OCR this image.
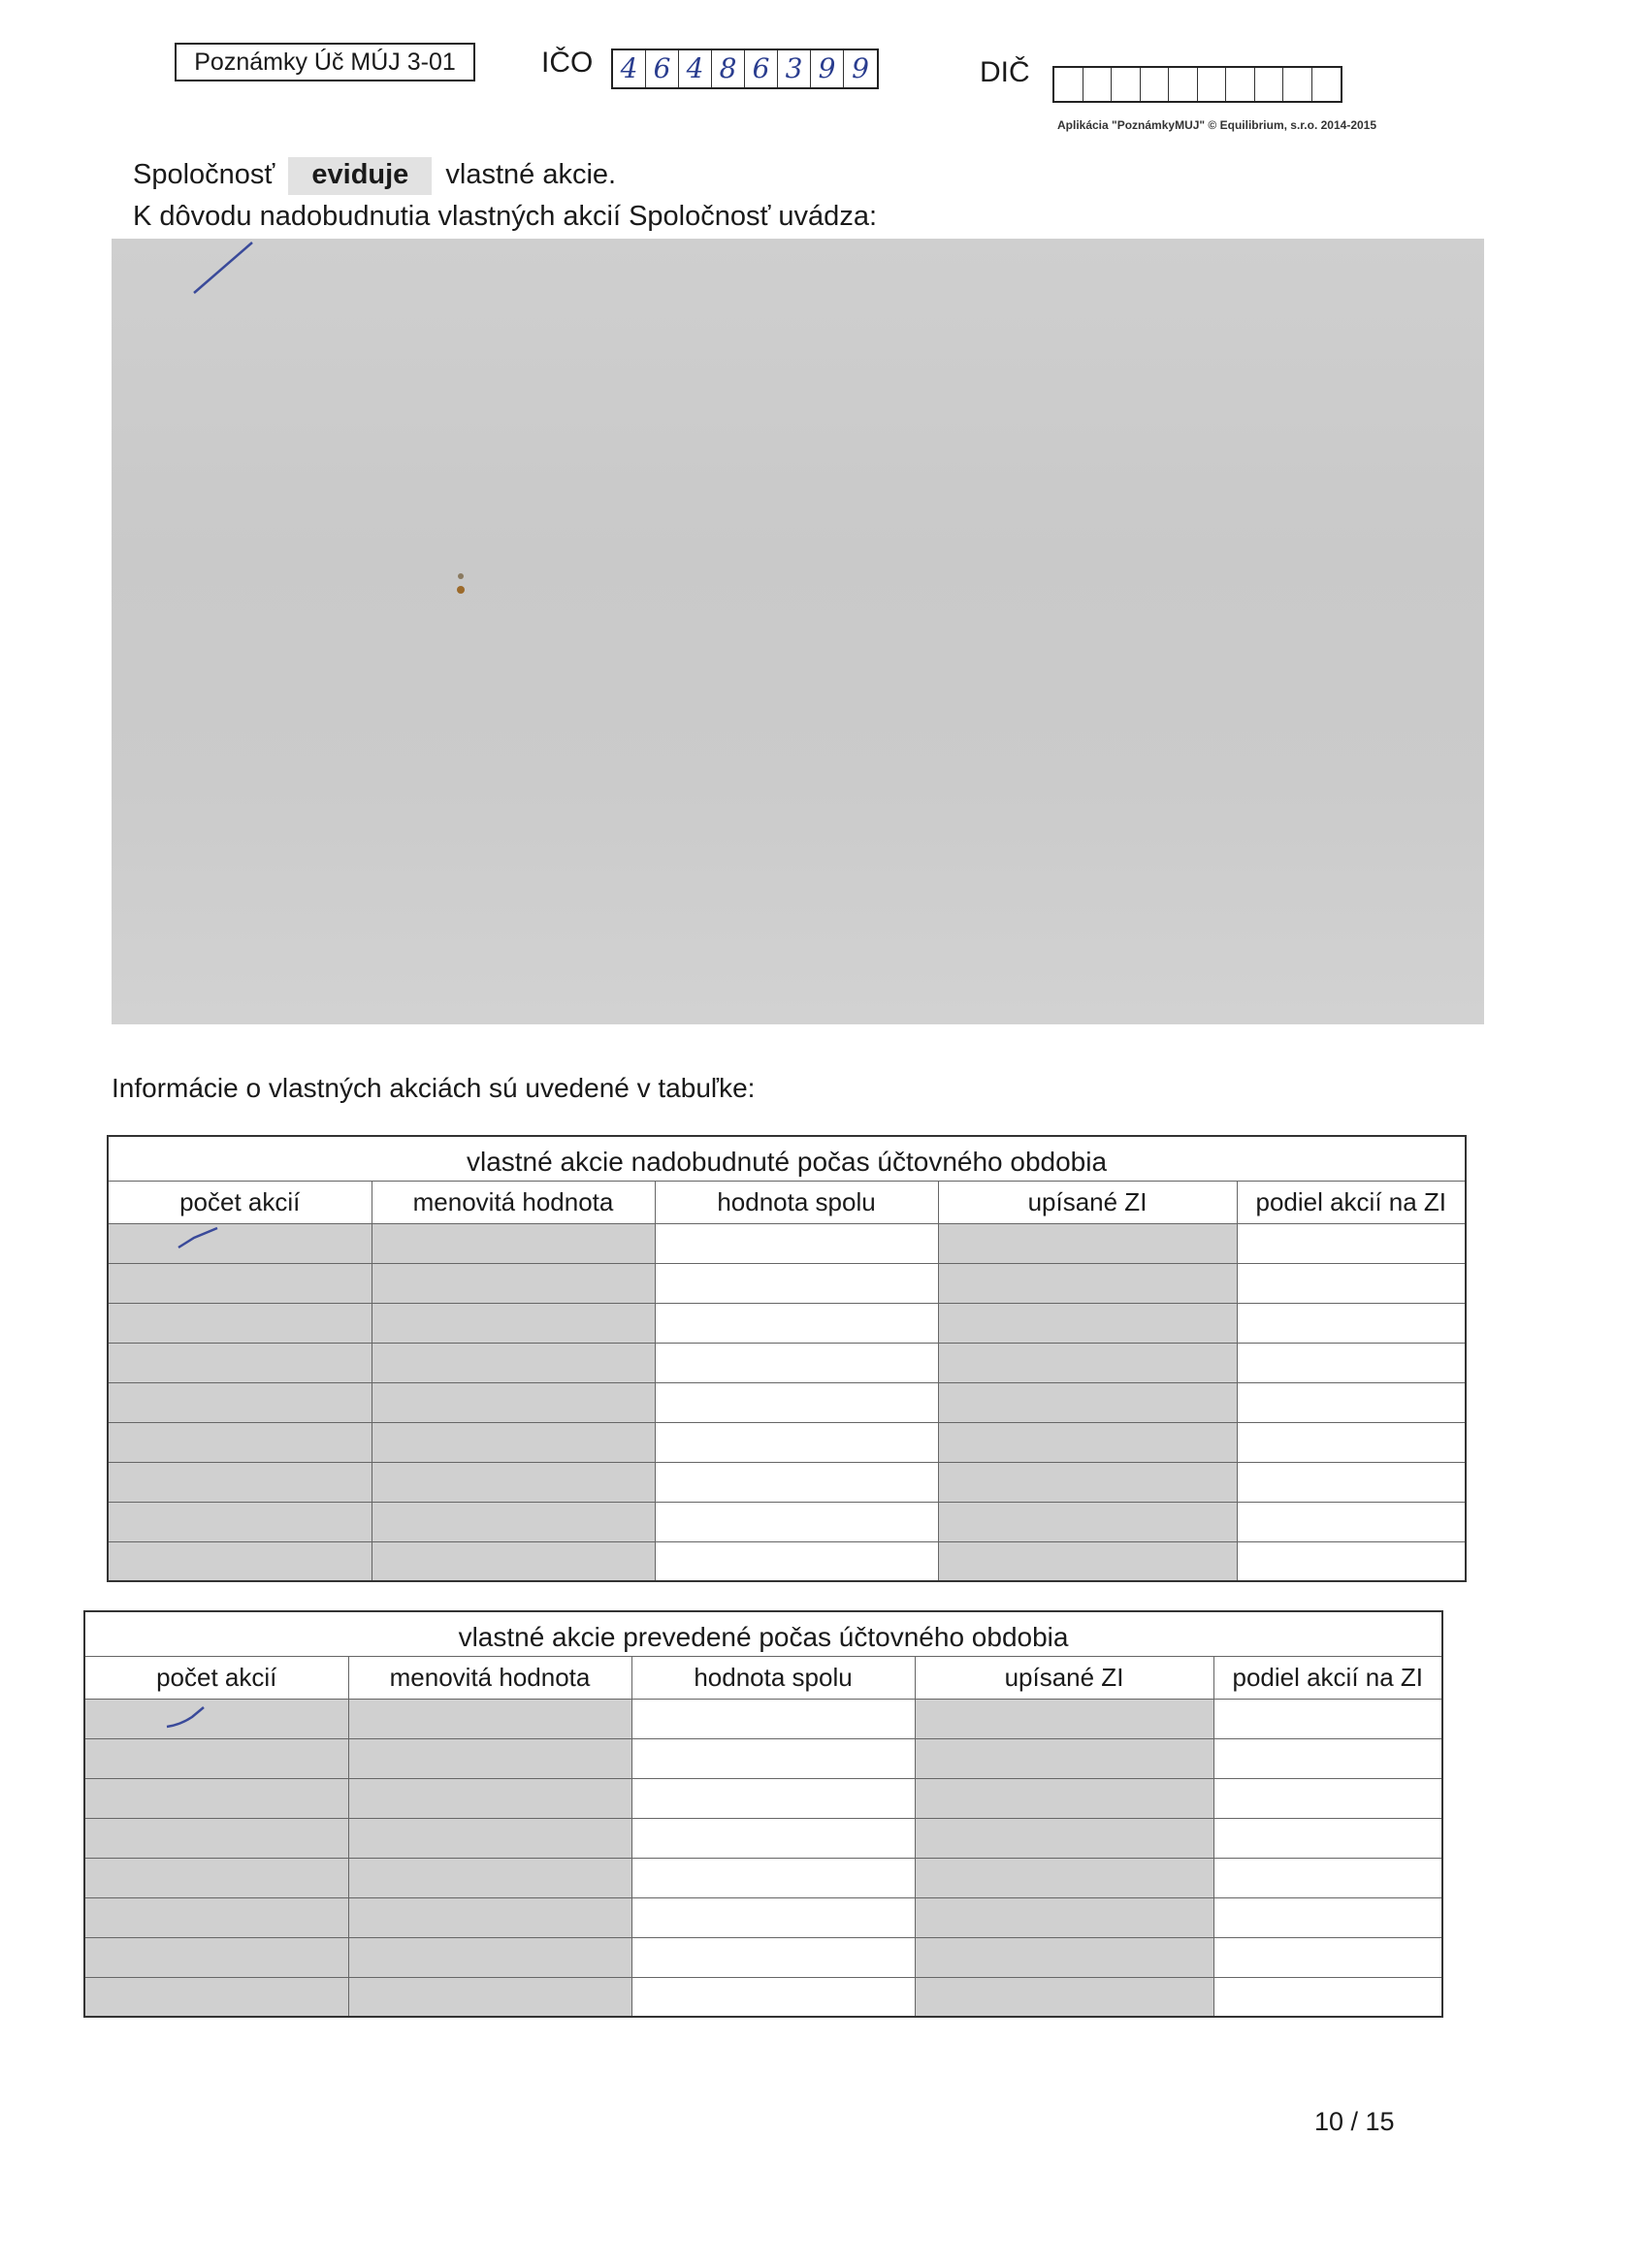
Poznámky Úč MÚJ 3-01	IČO 4 6 4 8 6 3 9 9	DIČ
Aplikácia "PoznámkyMUJ" © Equilibrium, s.r.o. 2014-2015
Spoločnosť eviduje vlastné akcie.
K dôvodu nadobudnutia vlastných akcií Spoločnosť uvádza:
Informácie o vlastných akciách sú uvedené v tabuľke:
vlastné akcie nadobudnuté počas účtovného obdobia				
počet akcií	menovitá hodnota	hodnota spolu	upísané ZI	podiel akcií na ZI

vlastné akcie prevedené počas účtovného obdobia				
počet akcií	menovitá hodnota	hodnota spolu	upísané ZI	podiel akcií na ZI

10 / 15
